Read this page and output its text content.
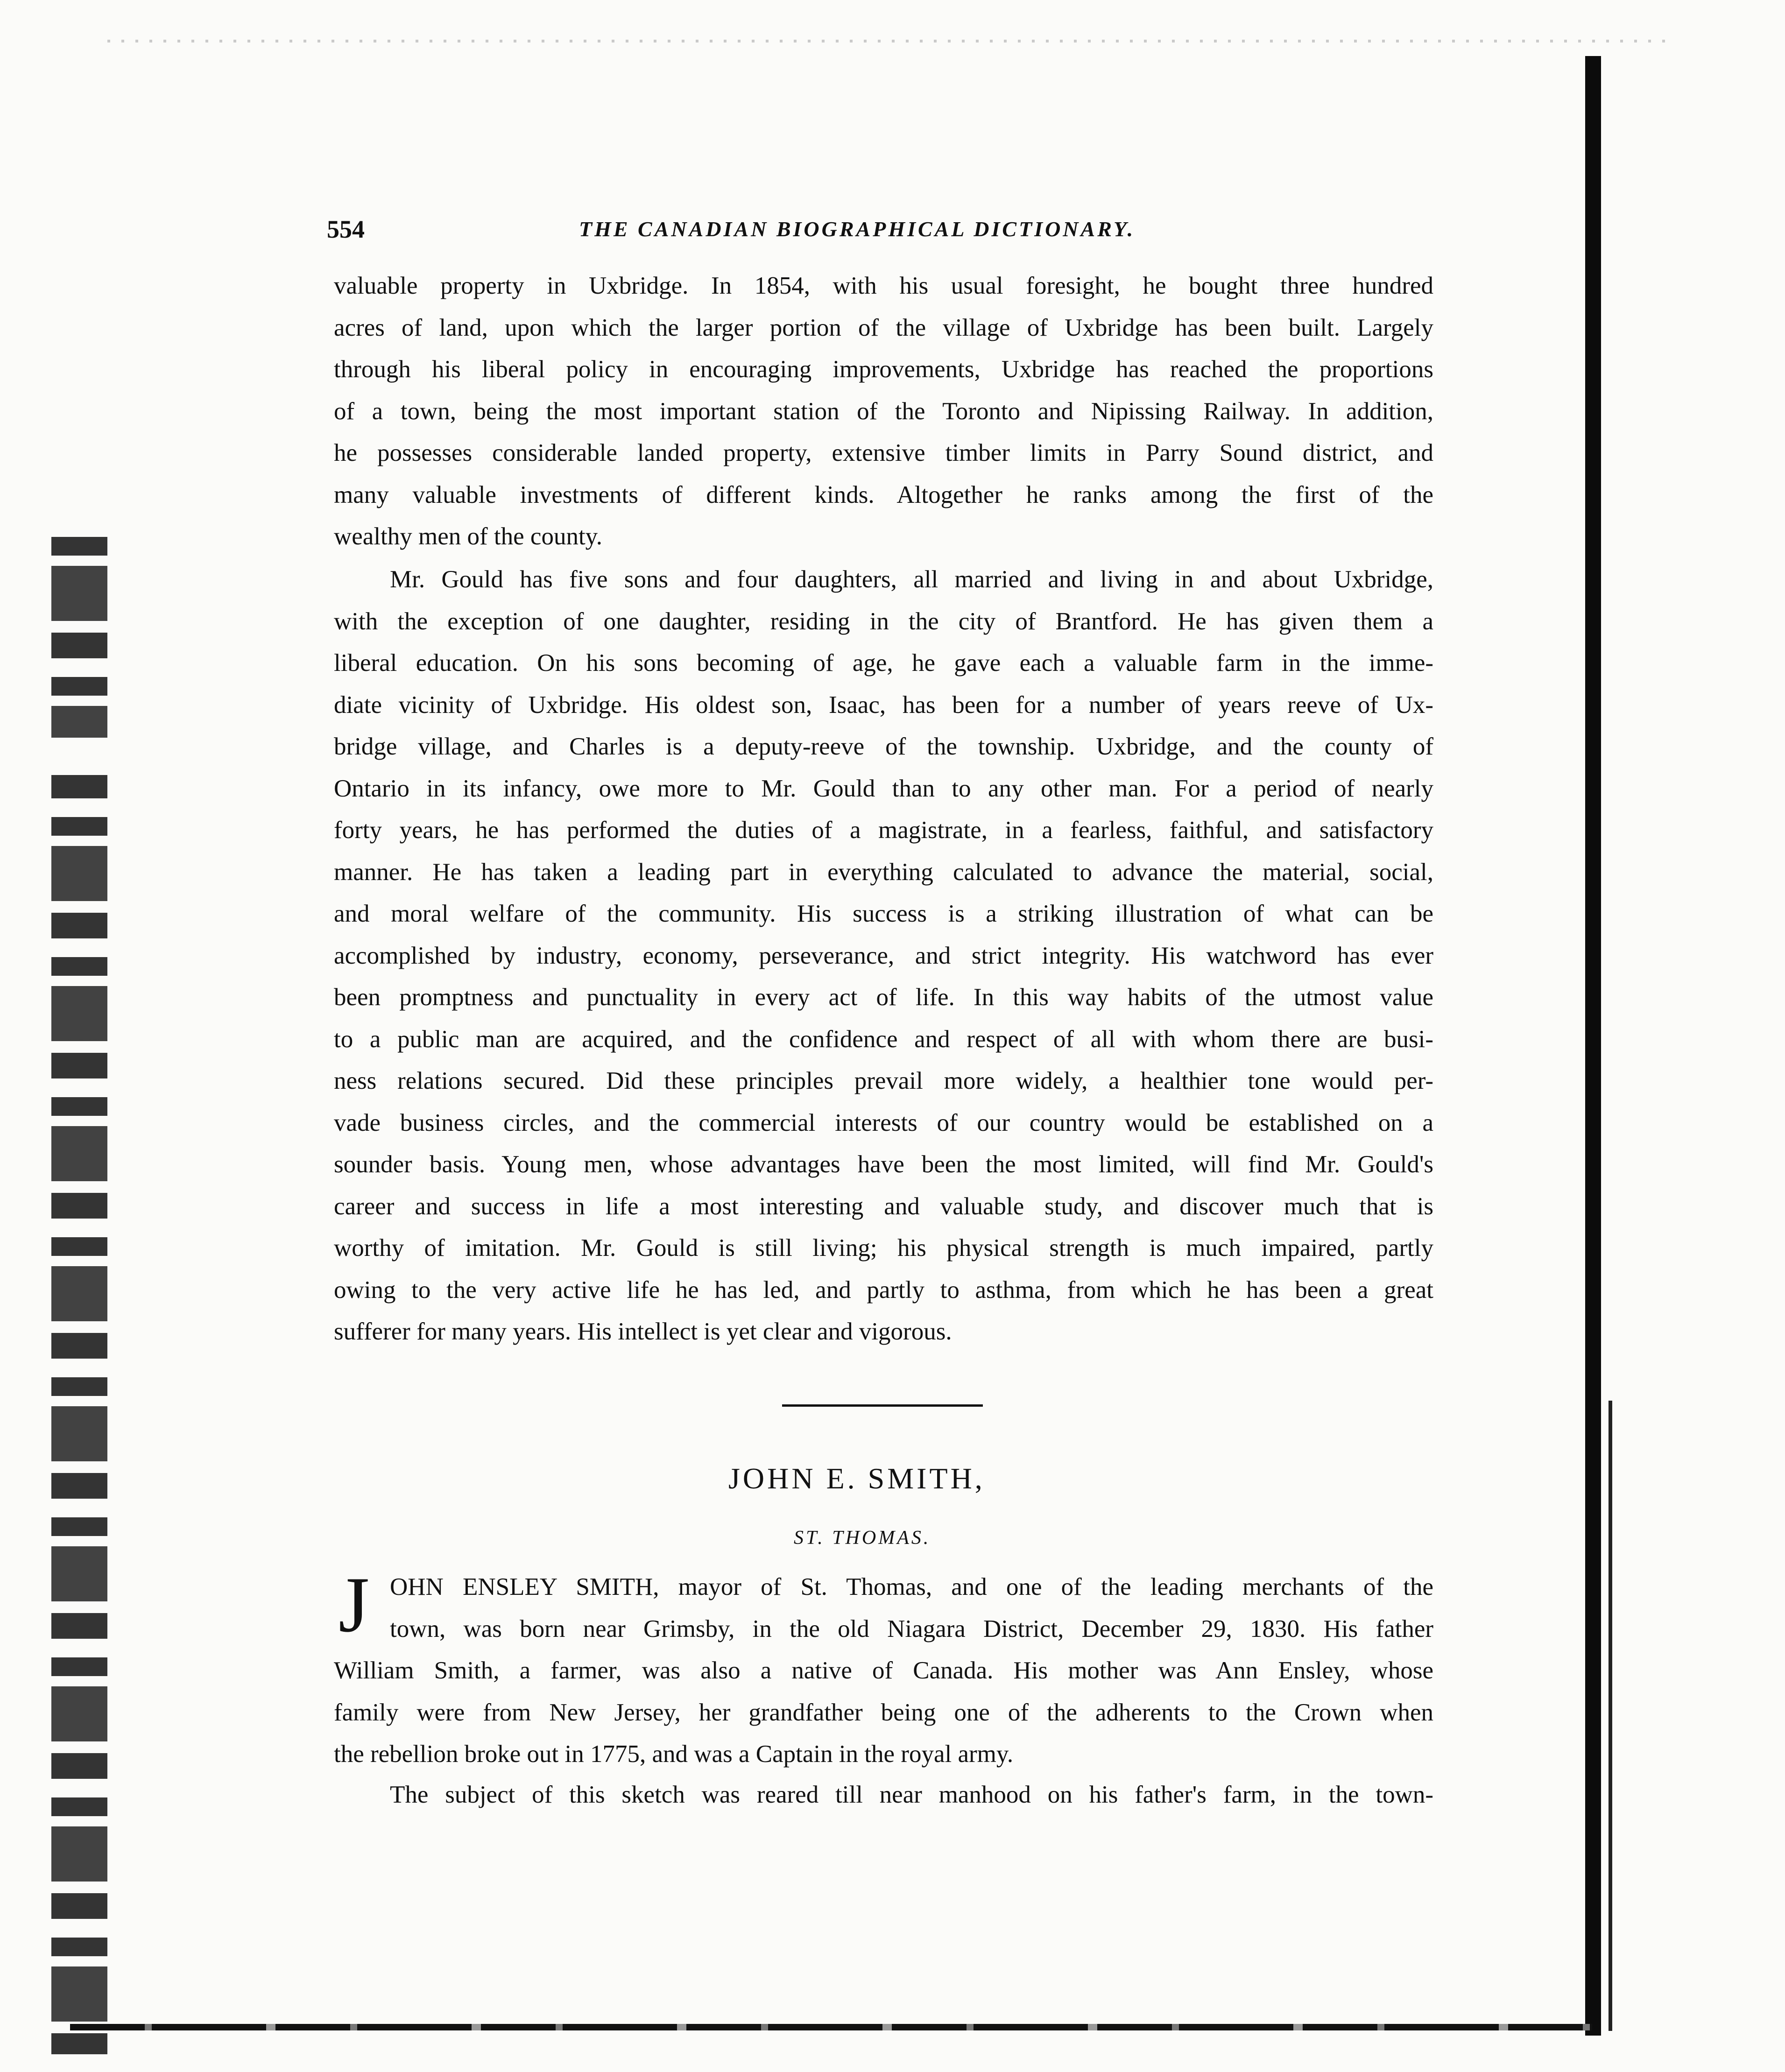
554	THE CANADIAN BIOGRAPHICAL DICTIONARY.
valuable property in Uxbridge. In 1854, with his usual foresight, he bought three hundred
acres of land, upon which the larger portion of the village of Uxbridge has been built. Largely
through his liberal policy in encouraging improvements, Uxbridge has reached the proportions
of a town, being the most important station of the Toronto and Nipissing Railway. In addition,
he possesses considerable landed property, extensive timber limits in Parry Sound district, and
many valuable investments of different kinds. Altogether he ranks among the first of the
wealthy men of the county.
Mr. Gould has five sons and four daughters, all married and living in and about Uxbridge,
with the exception of one daughter, residing in the city of Brantford. He has given them a
liberal education. On his sons becoming of age, he gave each a valuable farm in the imme-
diate vicinity of Uxbridge. His oldest son, Isaac, has been for a number of years reeve of Ux-
bridge village, and Charles is a deputy-reeve of the township. Uxbridge, and the county of
Ontario in its infancy, owe more to Mr. Gould than to any other man. For a period of nearly
forty years, he has performed the duties of a magistrate, in a fearless, faithful, and satisfactory
manner. He has taken a leading part in everything calculated to advance the material, social,
and moral welfare of the community. His success is a striking illustration of what can be
accomplished by industry, economy, perseverance, and strict integrity. His watchword has ever
been promptness and punctuality in every act of life. In this way habits of the utmost value
to a public man are acquired, and the confidence and respect of all with whom there are busi-
ness relations secured. Did these principles prevail more widely, a healthier tone would per-
vade business circles, and the commercial interests of our country would be established on a
sounder basis. Young men, whose advantages have been the most limited, will find Mr. Gould's
career and success in life a most interesting and valuable study, and discover much that is
worthy of imitation. Mr. Gould is still living; his physical strength is much impaired, partly
owing to the very active life he has led, and partly to asthma, from which he has been a great
sufferer for many years. His intellect is yet clear and vigorous.
JOHN E. SMITH,
ST. THOMAS.
J OHN ENSLEY SMITH, mayor of St. Thomas, and one of the leading merchants of the
town, was born near Grimsby, in the old Niagara District, December 29, 1830. His father
William Smith, a farmer, was also a native of Canada. His mother was Ann Ensley, whose
family were from New Jersey, her grandfather being one of the adherents to the Crown when
the rebellion broke out in 1775, and was a Captain in the royal army.
The subject of this sketch was reared till near manhood on his father's farm, in the town-
